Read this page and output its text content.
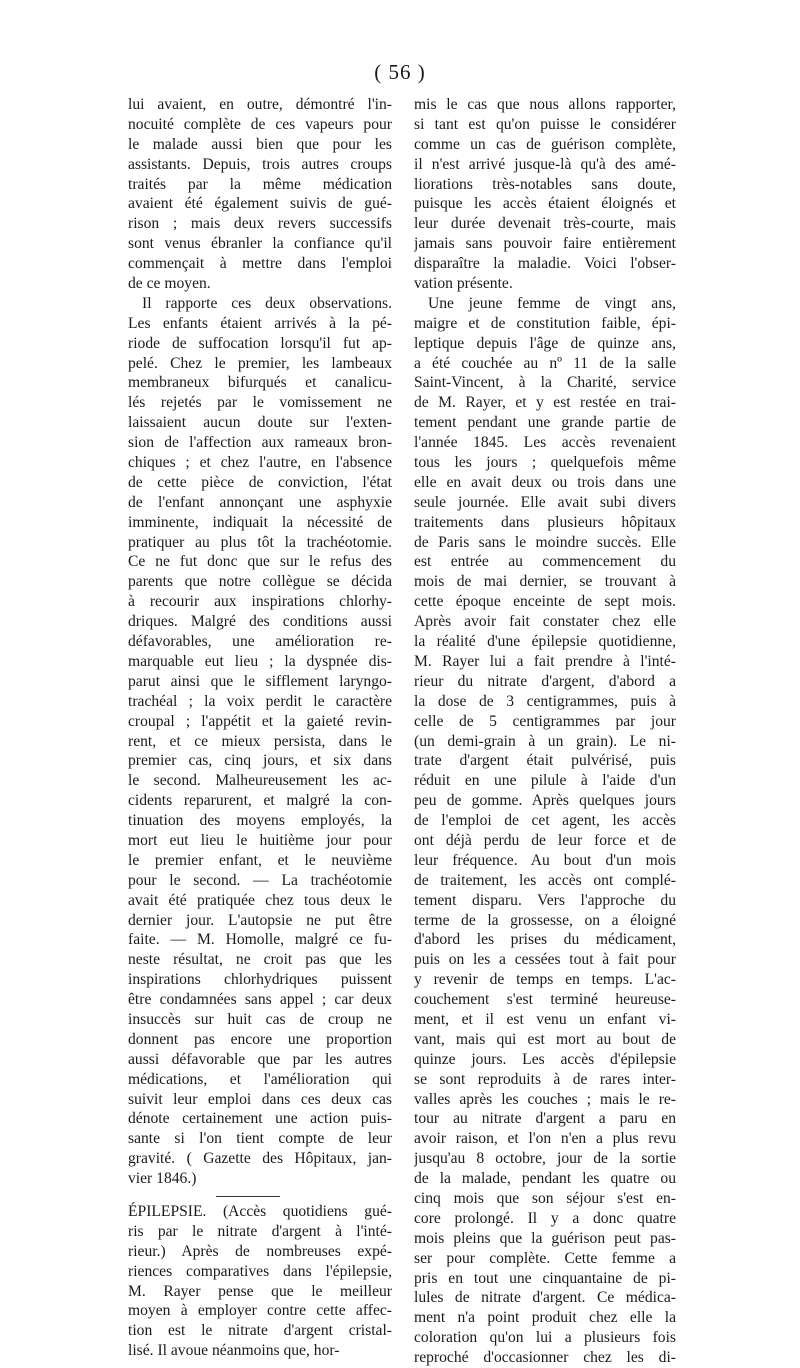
( 56 )
lui avaient, en outre, démontré l'in-
nocuité complète de ces vapeurs pour
le malade aussi bien que pour les
assistants. Depuis, trois autres croups
traités par la même médication
avaient été également suivis de gué-
rison ; mais deux revers successifs
sont venus ébranler la confiance qu'il
commençait à mettre dans l'emploi
de ce moyen.
Il rapporte ces deux observations.
Les enfants étaient arrivés à la pé-
riode de suffocation lorsqu'il fut ap-
pelé. Chez le premier, les lambeaux
membraneux bifurqués et canalicu-
lés rejetés par le vomissement ne
laissaient aucun doute sur l'exten-
sion de l'affection aux rameaux bron-
chiques ; et chez l'autre, en l'absence
de cette pièce de conviction, l'état
de l'enfant annonçant une asphyxie
imminente, indiquait la nécessité de
pratiquer au plus tôt la trachéotomie.
Ce ne fut donc que sur le refus des
parents que notre collègue se décida
à recourir aux inspirations chlorhy-
driques. Malgré des conditions aussi
défavorables, une amélioration re-
marquable eut lieu ; la dyspnée dis-
parut ainsi que le sifflement laryngo-
trachéal ; la voix perdit le caractère
croupal ; l'appétit et la gaieté revin-
rent, et ce mieux persista, dans le
premier cas, cinq jours, et six dans
le second. Malheureusement les ac-
cidents reparurent, et malgré la con-
tinuation des moyens employés, la
mort eut lieu le huitième jour pour
le premier enfant, et le neuvième
pour le second. — La trachéotomie
avait été pratiquée chez tous deux le
dernier jour. L'autopsie ne put être
faite. — M. Homolle, malgré ce fu-
neste résultat, ne croit pas que les
inspirations chlorhydriques puissent
être condamnées sans appel ; car deux
insuccès sur huit cas de croup ne
donnent pas encore une proportion
aussi défavorable que par les autres
médications, et l'amélioration qui
suivit leur emploi dans ces deux cas
dénote certainement une action puis-
sante si l'on tient compte de leur
gravité. ( Gazette des Hôpitaux, jan-
vier 1846.)
ÉPILEPSIE. (Accès quotidiens gué-
ris par le nitrate d'argent à l'inté-
rieur.) Après de nombreuses expé-
riences comparatives dans l'épilepsie,
M. Rayer pense que le meilleur
moyen à employer contre cette affec-
tion est le nitrate d'argent cristal-
lisé. Il avoue néanmoins que, hor-
mis le cas que nous allons rapporter,
si tant est qu'on puisse le considérer
comme un cas de guérison complète,
il n'est arrivé jusque-là qu'à des amé-
liorations très-notables sans doute,
puisque les accès étaient éloignés et
leur durée devenait très-courte, mais
jamais sans pouvoir faire entièrement
disparaître la maladie. Voici l'obser-
vation présente.
Une jeune femme de vingt ans,
maigre et de constitution faible, épi-
leptique depuis l'âge de quinze ans,
a été couchée au nº 11 de la salle
Saint-Vincent, à la Charité, service
de M. Rayer, et y est restée en trai-
tement pendant une grande partie de
l'année 1845. Les accès revenaient
tous les jours ; quelquefois même
elle en avait deux ou trois dans une
seule journée. Elle avait subi divers
traitements dans plusieurs hôpitaux
de Paris sans le moindre succès. Elle
est entrée au commencement du
mois de mai dernier, se trouvant à
cette époque enceinte de sept mois.
Après avoir fait constater chez elle
la réalité d'une épilepsie quotidienne,
M. Rayer lui a fait prendre à l'inté-
rieur du nitrate d'argent, d'abord a
la dose de 3 centigrammes, puis à
celle de 5 centigrammes par jour
(un demi-grain à un grain). Le ni-
trate d'argent était pulvérisé, puis
réduit en une pilule à l'aide d'un
peu de gomme. Après quelques jours
de l'emploi de cet agent, les accès
ont déjà perdu de leur force et de
leur fréquence. Au bout d'un mois
de traitement, les accès ont complé-
tement disparu. Vers l'approche du
terme de la grossesse, on a éloigné
d'abord les prises du médicament,
puis on les a cessées tout à fait pour
y revenir de temps en temps. L'ac-
couchement s'est terminé heureuse-
ment, et il est venu un enfant vi-
vant, mais qui est mort au bout de
quinze jours. Les accès d'épilepsie
se sont reproduits à de rares inter-
valles après les couches ; mais le re-
tour au nitrate d'argent a paru en
avoir raison, et l'on n'en a plus revu
jusqu'au 8 octobre, jour de la sortie
de la malade, pendant les quatre ou
cinq mois que son séjour s'est en-
core prolongé. Il y a donc quatre
mois pleins que la guérison peut pas-
ser pour complète. Cette femme a
pris en tout une cinquantaine de pi-
lules de nitrate d'argent. Ce médica-
ment n'a point produit chez elle la
coloration qu'on lui a plusieurs fois
reproché d'occasionner chez les di-
